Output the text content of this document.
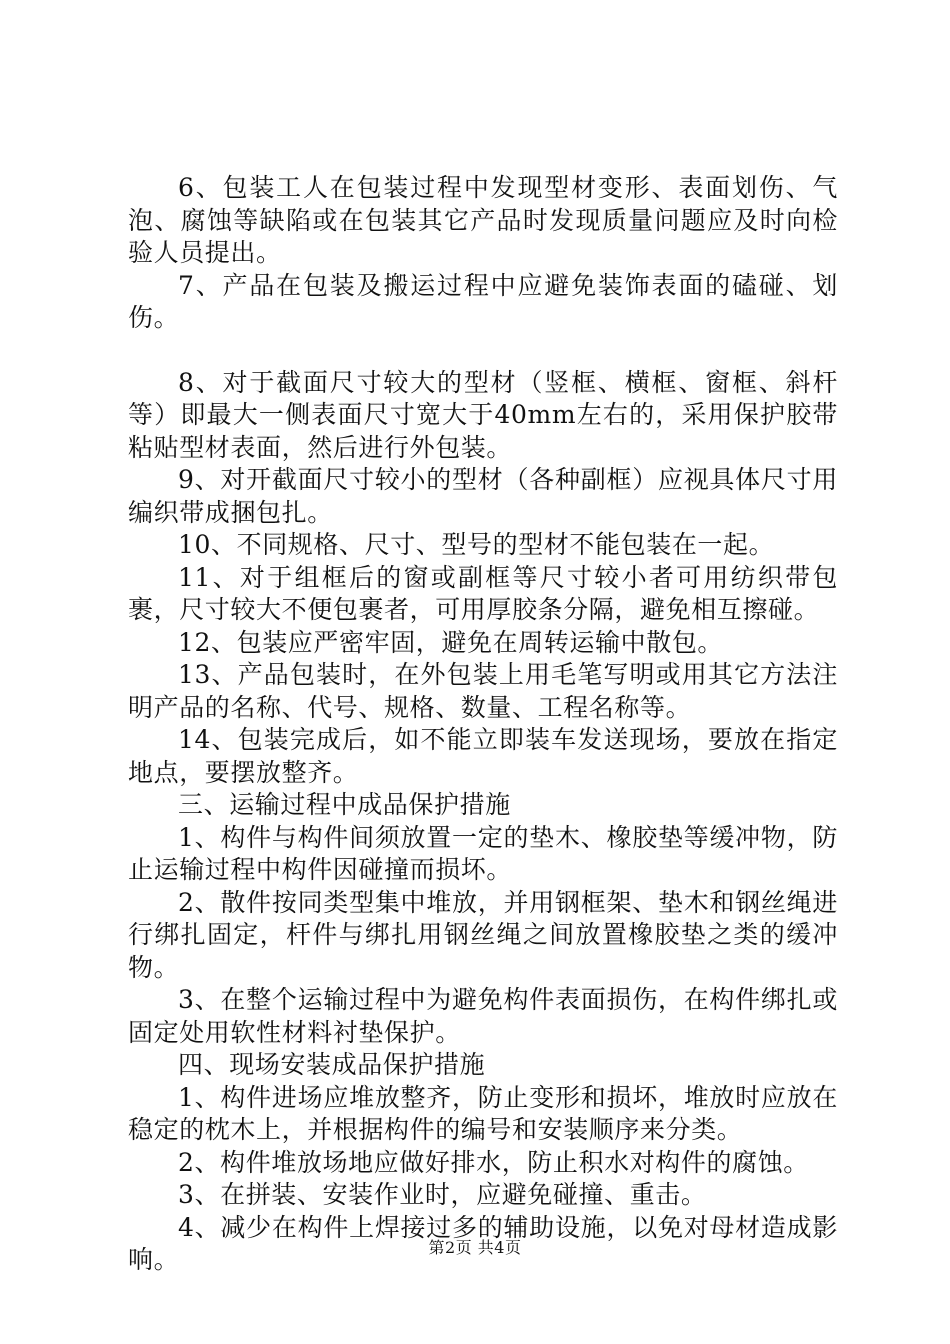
6、包装工人在包装过程中发现型材变形、表面划伤、气泡、腐蚀等缺陷或在包装其它产品时发现质量问题应及时向检验人员提出。

7、产品在包装及搬运过程中应避免装饰表面的磕碰、划伤。

8、对于截面尺寸较大的型材（竖框、横框、窗框、斜杆等）即最大一侧表面尺寸宽大于40mm左右的，采用保护胶带粘贴型材表面，然后进行外包装。

9、对开截面尺寸较小的型材（各种副框）应视具体尺寸用编织带成捆包扎。

10、不同规格、尺寸、型号的型材不能包装在一起。

11、对于组框后的窗或副框等尺寸较小者可用纺织带包裹，尺寸较大不便包裹者，可用厚胶条分隔，避免相互擦碰。

12、包装应严密牢固，避免在周转运输中散包。

13、产品包装时，在外包装上用毛笔写明或用其它方法注明产品的名称、代号、规格、数量、工程名称等。

14、包装完成后，如不能立即装车发送现场，要放在指定地点，要摆放整齐。

三、运输过程中成品保护措施

1、构件与构件间须放置一定的垫木、橡胶垫等缓冲物，防止运输过程中构件因碰撞而损坏。

2、散件按同类型集中堆放，并用钢框架、垫木和钢丝绳进行绑扎固定，杆件与绑扎用钢丝绳之间放置橡胶垫之类的缓冲物。

3、在整个运输过程中为避免构件表面损伤，在构件绑扎或固定处用软性材料衬垫保护。

四、现场安装成品保护措施

1、构件进场应堆放整齐，防止变形和损坏，堆放时应放在稳定的枕木上，并根据构件的编号和安装顺序来分类。

2、构件堆放场地应做好排水，防止积水对构件的腐蚀。

3、在拼装、安装作业时，应避免碰撞、重击。

4、减少在构件上焊接过多的辅助设施，以免对母材造成影响。	第2页 共4页
